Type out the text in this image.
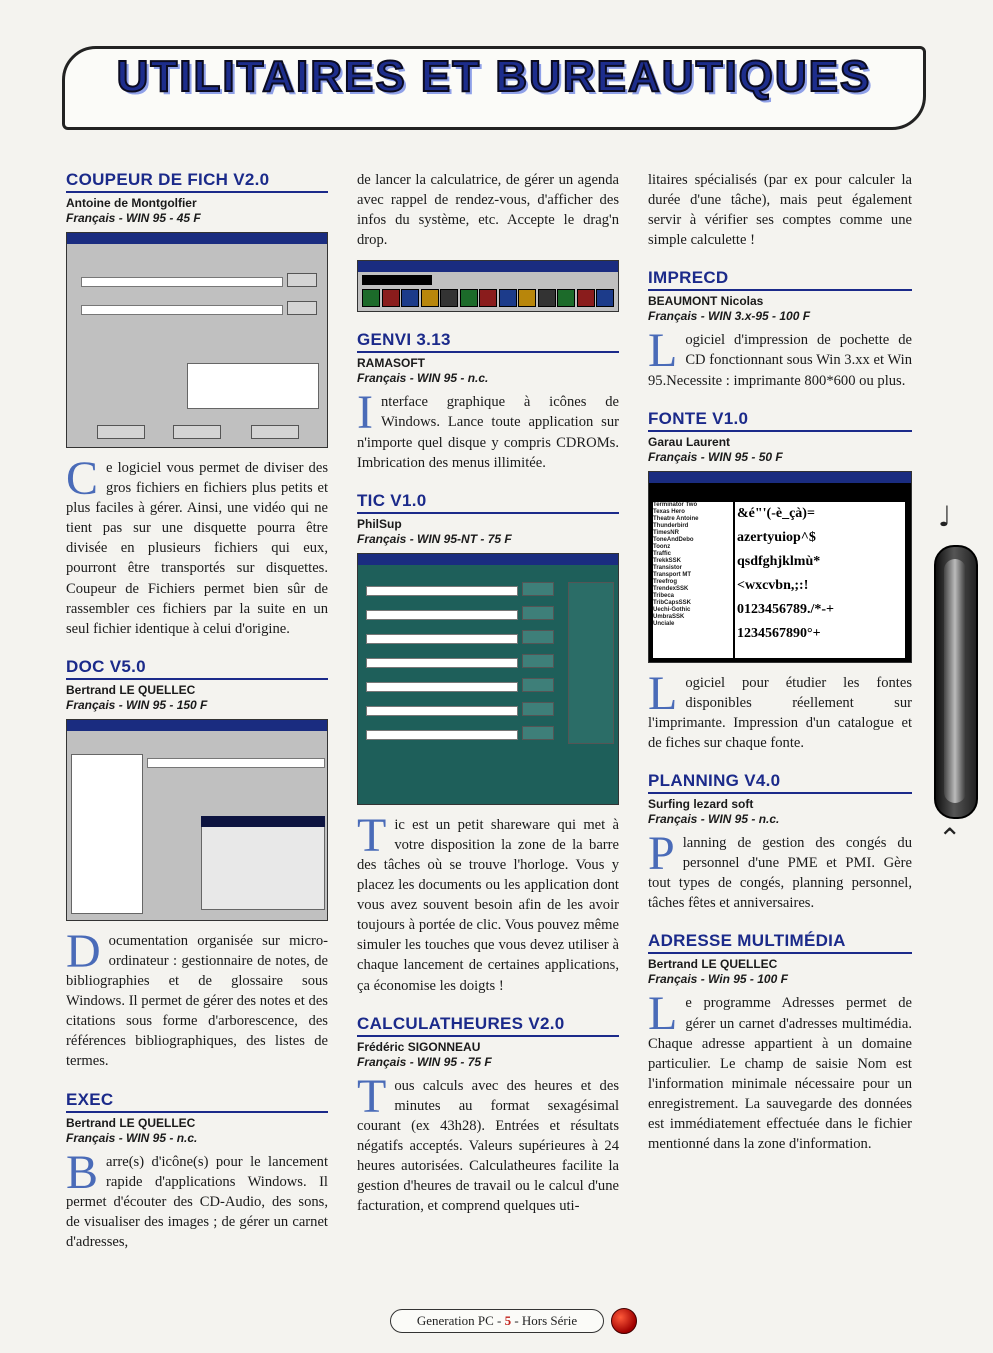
UTILITAIRES ET BUREAUTIQUES
COUPEUR DE FICH V2.0
Antoine de Montgolfier
Français - WIN 95 - 45 F

Ce logiciel vous permet de diviser des gros fichiers en fichiers plus petits et plus faciles à gérer. Ainsi, une vidéo qui ne tient pas sur une disquette pourra être divisée en plusieurs fichiers qui eux, pourront être transportés sur disquettes. Coupeur de Fichiers permet bien sûr de rassembler ces fichiers par la suite en un seul fichier identique à celui d'origine.

DOC V5.0
Bertrand LE QUELLEC
Français - WIN 95 - 150 F

Documentation organisée sur micro-ordinateur : gestionnaire de notes, de bibliographies et de glossaire sous Windows. Il permet de gérer des notes et des citations sous forme d'arborescence, des références bibliographiques, des listes de termes.

EXEC
Bertrand LE QUELLEC
Français - WIN 95 - n.c.

Barre(s) d'icône(s) pour le lancement rapide d'applications Windows. Il permet d'écouter des CD-Audio, des sons, de visualiser des images ; de gérer un carnet d'adresses,

de lancer la calculatrice, de gérer un agenda avec rappel de rendez-vous, d'afficher des infos du système, etc. Accepte le drag'n drop.

GENVI 3.13
RAMASOFT
Français - WIN 95 - n.c.

Interface graphique à icônes de Windows. Lance toute application sur n'importe quel disque y compris CDROMs. Imbrication des menus illimitée.

TIC V1.0
PhilSup
Français - WIN 95-NT - 75 F

Tic est un petit shareware qui met à votre disposition la zone de la barre des tâches où se trouve l'horloge. Vous y placez les documents ou les application dont vous avez souvent besoin afin de les avoir toujours à portée de clic. Vous pouvez même simuler les touches que vous devez utiliser à chaque lancement de certaines applications, ça économise les doigts !

CALCULATHEURES V2.0
Frédéric SIGONNEAU
Français - WIN 95 - 75 F

Tous calculs avec des heures et des minutes au format sexagésimal courant (ex 43h28). Entrées et résultats négatifs acceptés. Valeurs supérieures à 24 heures autorisées. Calculatheures facilite la gestion d'heures de travail ou le calcul d'une facturation, et comprend quelques uti-

litaires spécialisés (par ex pour calculer la durée d'une tâche), mais peut également servir à vérifier ses comptes comme une simple calculette !

IMPRECD
BEAUMONT Nicolas
Français - WIN 3.x-95 - 100 F

Logiciel d'impression de pochette de CD fonctionnant sous Win 3.xx et Win 95.Necessite : imprimante 800*600 ou plus.

FONTE V1.0
Garau Laurent
Français - WIN 95 - 50 F
Terminator Two
Texas Hero
Theatre Antoine
Thunderbird
TimesNR
ToneAndDebo
Toonz
Traffic
TrekkSSK
Transistor
Transport MT
Treefrog
TrendexSSK
Tribeca
TribCapsSSK
Uechi-Gothic
UmbraSSK
Unciale
&é"'(-è_çà)=
azertyuiop^$
qsdfghjklmù*
<wxcvbn,;:!
0123456789./*-+
1234567890°+

Logiciel pour étudier les fontes disponibles réellement sur l'imprimante. Impression d'un catalogue et de fiches sur chaque fonte.

PLANNING V4.0
Surfing lezard soft
Français - WIN 95 - n.c.

Planning de gestion des congés du personnel d'une PME et PMI. Gère tout types de congés, planning personnel, tâches fêtes et anniversaires.

ADRESSE MULTIMÉDIA
Bertrand LE QUELLEC
Français - Win 95 - 100 F

Le programme Adresses permet de gérer un carnet d'adresses multimédia. Chaque adresse appartient à un domaine particulier. Le champ de saisie Nom est l'information minimale nécessaire pour un enregistrement. La sauvegarde des données est immédiatement effectuée dans le fichier mentionné dans la zone d'information.

♩
⌃
Generation PC - 5 - Hors Série
